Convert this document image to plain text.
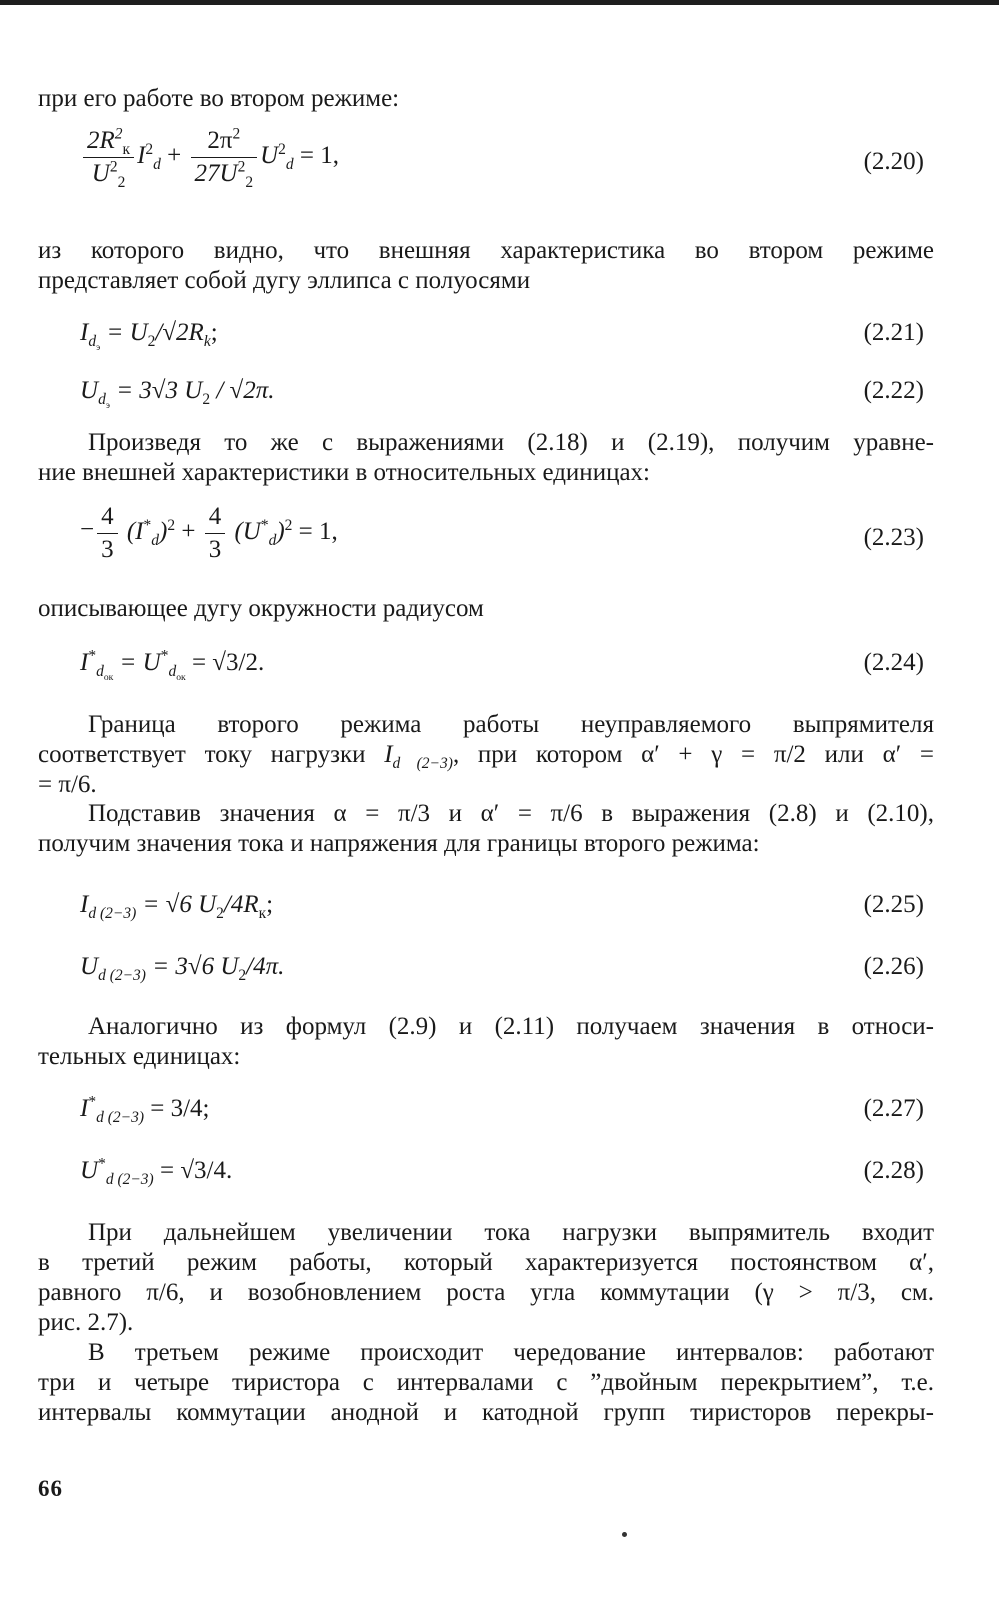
при его работе во втором режиме:
$\frac{2R^2_к}{U^2_2} I^2_d + \frac{2\pi^2}{27U^2_2} U^2_d = 1$,	(2.20)
из которого видно, что внешняя характеристика во втором режиме
представляет собой дугу эллипса с полуосями
$I_{d_э} = U_2/√2R_k$;	(2.21)
$U_{d_э} = 3√3$ $U_2 / √2\pi$.	(2.22)
Произведя то же с выражениями (2.18) и (2.19), получим уравне-
ние внешней характеристики в относительных единицах:
− $\frac{4}{3} (I^*_d)^2 + \frac{4}{3} (U^*_d)^2 = 1$,	(2.23)
описывающее дугу окружности радиусом
$I^*_{d_{ок}} = U^*_{d_{ок}} = √3/2$.	(2.24)
Граница второго режима работы неуправляемого выпрямителя
соответствует току нагрузки $I_{d (2-3)}$, при котором α′ + γ = π/2 или α′ =
= π/6.
Подставив значения α = π/3 и α′ = π/6 в выражения (2.8) и (2.10),
получим значения тока и напряжения для границы второго режима:
$I_{d (2-3)} = √6$ $U_2/4R_к$;	(2.25)
$U_{d (2-3)} = 3√6$ $U_2/4\pi$.	(2.26)
Аналогично из формул (2.9) и (2.11) получаем значения в относи-
тельных единицах:
$I^*_{d (2-3)} = 3/4$;	(2.27)
$U^*_{d (2-3)} = √3/4$.	(2.28)
При дальнейшем увеличении тока нагрузки выпрямитель входит
в третий режим работы, который характеризуется постоянством α′,
равного π/6, и возобновлением роста угла коммутации (γ > π/3, см.
рис. 2.7).
В третьем режиме происходит чередование интервалов: работают
три и четыре тиристора с интервалами с ”двойным перекрытием”, т.е.
интервалы коммутации анодной и катодной групп тиристоров перекры-
66
